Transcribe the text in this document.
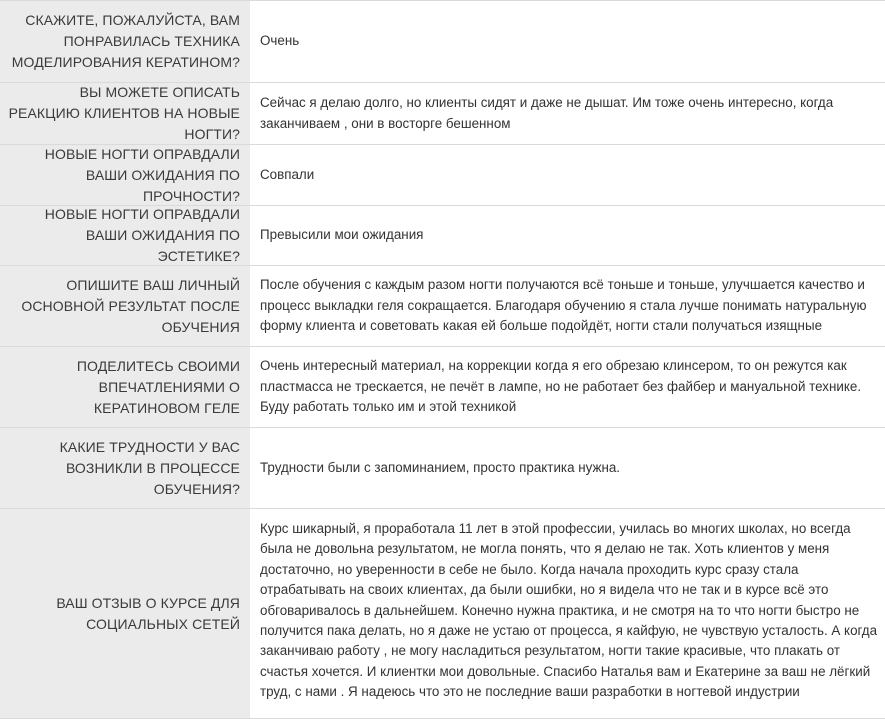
СКАЖИТЕ, ПОЖАЛУЙСТА, ВАМ ПОНРАВИЛАСЬ ТЕХНИКА МОДЕЛИРОВАНИЯ КЕРАТИНОМ?
Очень
ВЫ МОЖЕТЕ ОПИСАТЬ РЕАКЦИЮ КЛИЕНТОВ НА НОВЫЕ НОГТИ?
Сейчас я делаю долго, но клиенты сидят и даже не дышат. Им тоже очень интересно, когда заканчиваем , они в восторге бешенном
НОВЫЕ НОГТИ ОПРАВДАЛИ ВАШИ ОЖИДАНИЯ ПО ПРОЧНОСТИ?
Совпали
НОВЫЕ НОГТИ ОПРАВДАЛИ ВАШИ ОЖИДАНИЯ ПО ЭСТЕТИКЕ?
Превысили мои ожидания
ОПИШИТЕ ВАШ ЛИЧНЫЙ ОСНОВНОЙ РЕЗУЛЬТАТ ПОСЛЕ ОБУЧЕНИЯ
После обучения с каждым разом ногти получаются всё тоньше и тоньше, улучшается качество и процесс выкладки геля сокращается. Благодаря обучению я стала лучше понимать натуральную форму клиента и советовать какая ей больше подойдёт, ногти стали получаться изящные
ПОДЕЛИТЕСЬ СВОИМИ ВПЕЧАТЛЕНИЯМИ О КЕРАТИНОВОМ ГЕЛЕ
Очень интересный материал, на коррекции когда я его обрезаю клинсером, то он режутся как пластмасса не трескается, не печёт в лампе, но не работает без файбер и мануальной технике. Буду работать только им и этой техникой
КАКИЕ ТРУДНОСТИ У ВАС ВОЗНИКЛИ В ПРОЦЕССЕ ОБУЧЕНИЯ?
Трудности были с запоминанием, просто практика нужна.
ВАШ ОТЗЫВ О КУРСЕ ДЛЯ СОЦИАЛЬНЫХ СЕТЕЙ
Курс шикарный, я проработала 11 лет в этой профессии, училась во многих школах, но всегда была не довольна результатом, не могла понять, что я делаю не так. Хоть клиентов у меня достаточно, но уверенности в себе не было. Когда начала проходить курс сразу стала отрабатывать на своих клиентах, да были ошибки, но я видела что не так и в курсе всё это обговаривалось в дальнейшем. Конечно нужна практика, и не смотря на то что ногти быстро не получится пака делать, но я даже не устаю от процесса, я кайфую, не чувствую усталость. А когда заканчиваю работу , не могу насладиться результатом, ногти такие красивые, что плакать от счастья хочется. И клиентки мои довольные. Спасибо Наталья вам и Екатерине за ваш не лёгкий труд, с нами . Я надеюсь что это не последние ваши разработки в ногтевой индустрии
